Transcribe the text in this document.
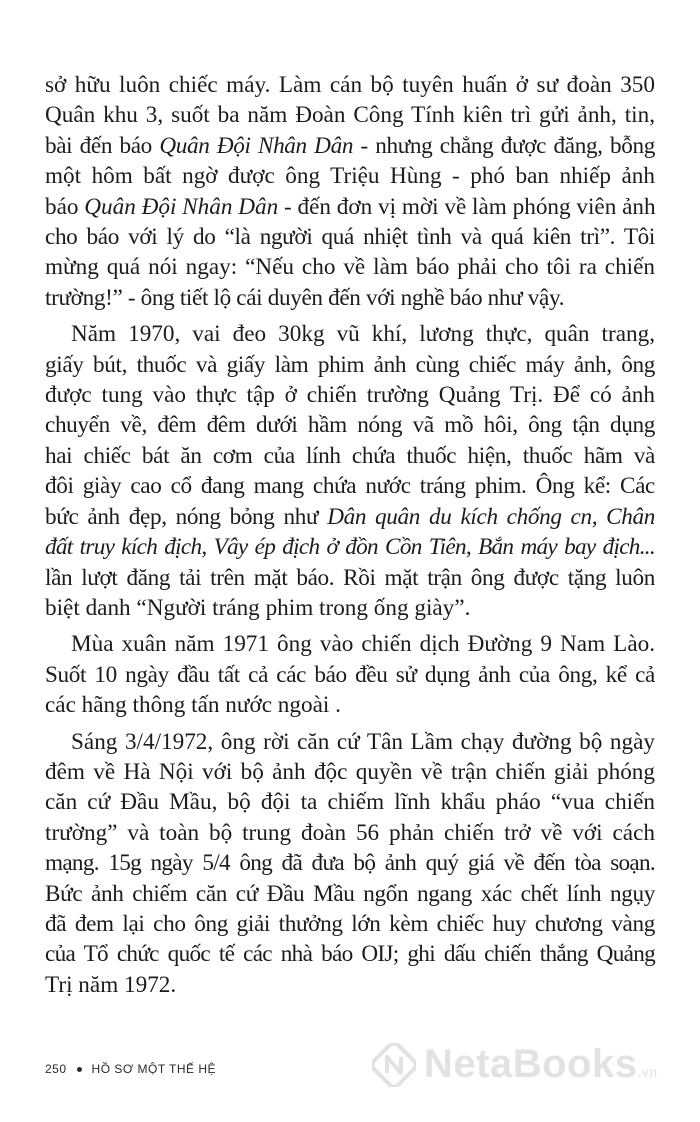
sở hữu luôn chiếc máy. Làm cán bộ tuyên huấn ở sư đoàn 350
Quân khu 3, suốt ba năm Đoàn Công Tính kiên trì gửi ảnh, tin,
bài đến báo Quân Đội Nhân Dân - nhưng chẳng được đăng, bỗng
một hôm bất ngờ được ông Triệu Hùng - phó ban nhiếp ảnh
báo Quân Đội Nhân Dân - đến đơn vị mời về làm phóng viên ảnh
cho báo với lý do “là người quá nhiệt tình và quá kiên trì”. Tôi
mừng quá nói ngay: “Nếu cho về làm báo phải cho tôi ra chiến
trường!” - ông tiết lộ cái duyên đến với nghề báo như vậy.

Năm 1970, vai đeo 30kg vũ khí, lương thực, quân trang,
giấy bút, thuốc và giấy làm phim ảnh cùng chiếc máy ảnh, ông
được tung vào thực tập ở chiến trường Quảng Trị. Để có ảnh
chuyển về, đêm đêm dưới hầm nóng vã mồ hôi, ông tận dụng
hai chiếc bát ăn cơm của lính chứa thuốc hiện, thuốc hãm và
đôi giày cao cổ đang mang chứa nước tráng phim. Ông kể: Các
bức ảnh đẹp, nóng bỏng như Dân quân du kích chống cn, Chân
đất truy kích địch, Vây ép địch ở đồn Cồn Tiên, Bắn máy bay địch...
lần lượt đăng tải trên mặt báo. Rồi mặt trận ông được tặng luôn
biệt danh “Người tráng phim trong ống giày”.

Mùa xuân năm 1971 ông vào chiến dịch Đường 9 Nam Lào.
Suốt 10 ngày đầu tất cả các báo đều sử dụng ảnh của ông, kể cả
các hãng thông tấn nước ngoài .

Sáng 3/4/1972, ông rời căn cứ Tân Lầm chạy đường bộ ngày
đêm về Hà Nội với bộ ảnh độc quyền về trận chiến giải phóng
căn cứ Đầu Mầu, bộ đội ta chiếm lĩnh khẩu pháo “vua chiến
trường” và toàn bộ trung đoàn 56 phản chiến trở về với cách
mạng. 15g ngày 5/4 ông đã đưa bộ ảnh quý giá về đến tòa soạn.
Bức ảnh chiếm căn cứ Đầu Mầu ngổn ngang xác chết lính ngụy
đã đem lại cho ông giải thưởng lớn kèm chiếc huy chương vàng
của Tổ chức quốc tế các nhà báo OIJ; ghi dấu chiến thắng Quảng
Trị năm 1972.

250 HỒ SƠ MỘT THẾ HỆ	NetaBooks.vn
